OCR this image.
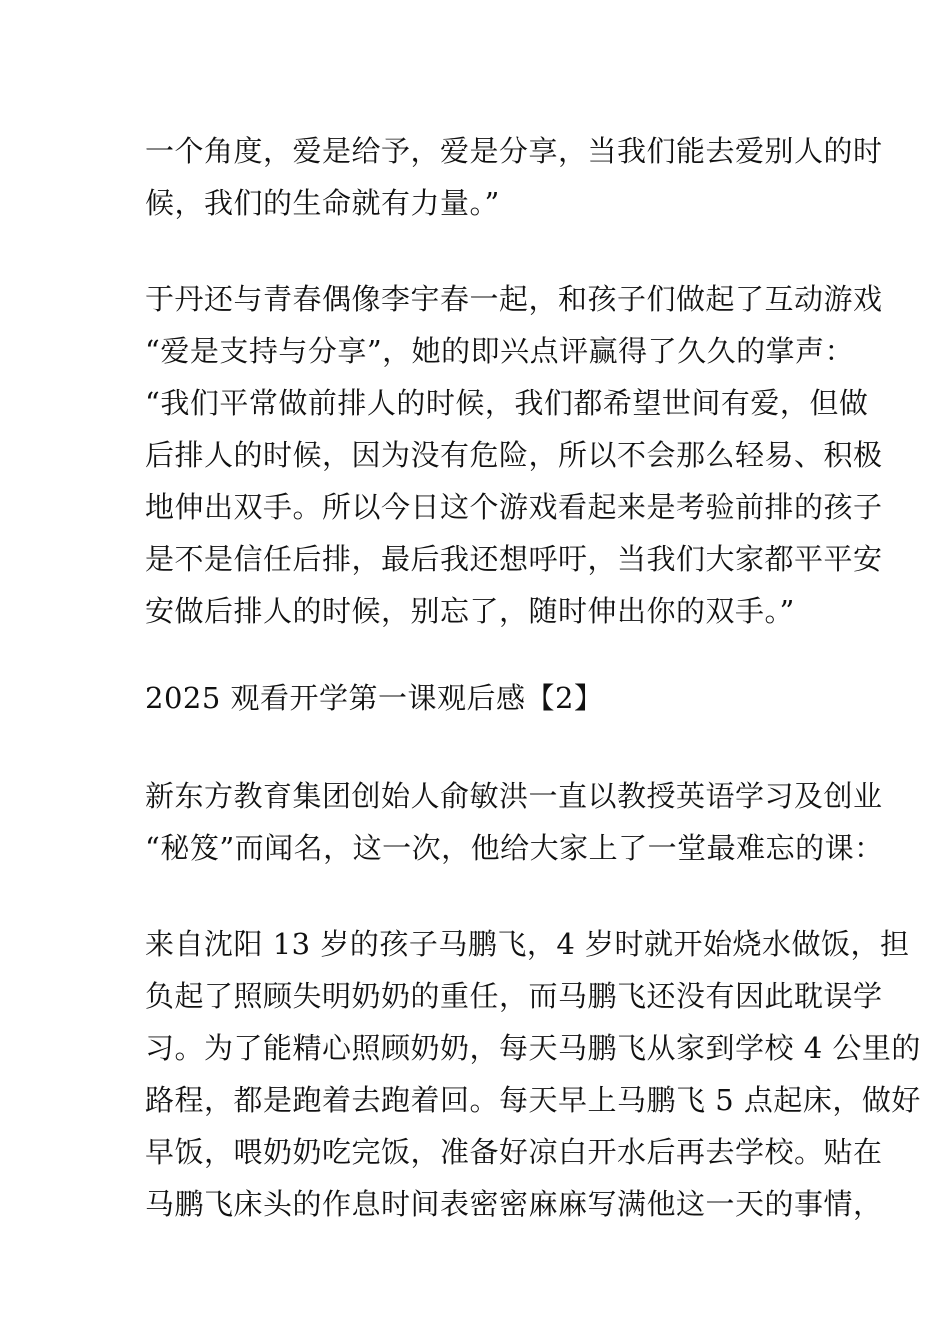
一个角度，爱是给予，爱是分享，当我们能去爱别人的时
候，我们的生命就有力量。”
于丹还与青春偶像李宇春一起，和孩子们做起了互动游戏
“爱是支持与分享”，她的即兴点评赢得了久久的掌声：
“我们平常做前排人的时候，我们都希望世间有爱，但做
后排人的时候，因为没有危险，所以不会那么轻易、积极
地伸出双手。所以今日这个游戏看起来是考验前排的孩子
是不是信任后排，最后我还想呼吁，当我们大家都平平安
安做后排人的时候，别忘了，随时伸出你的双手。”
2025 观看开学第一课观后感【2】
新东方教育集团创始人俞敏洪一直以教授英语学习及创业
“秘笈”而闻名，这一次，他给大家上了一堂最难忘的课：
来自沈阳 13 岁的孩子马鹏飞，4 岁时就开始烧水做饭，担
负起了照顾失明奶奶的重任，而马鹏飞还没有因此耽误学
习。为了能精心照顾奶奶，每天马鹏飞从家到学校 4 公里的
路程，都是跑着去跑着回。每天早上马鹏飞 5 点起床，做好
早饭，喂奶奶吃完饭，准备好凉白开水后再去学校。贴在
马鹏飞床头的作息时间表密密麻麻写满他这一天的事情，
